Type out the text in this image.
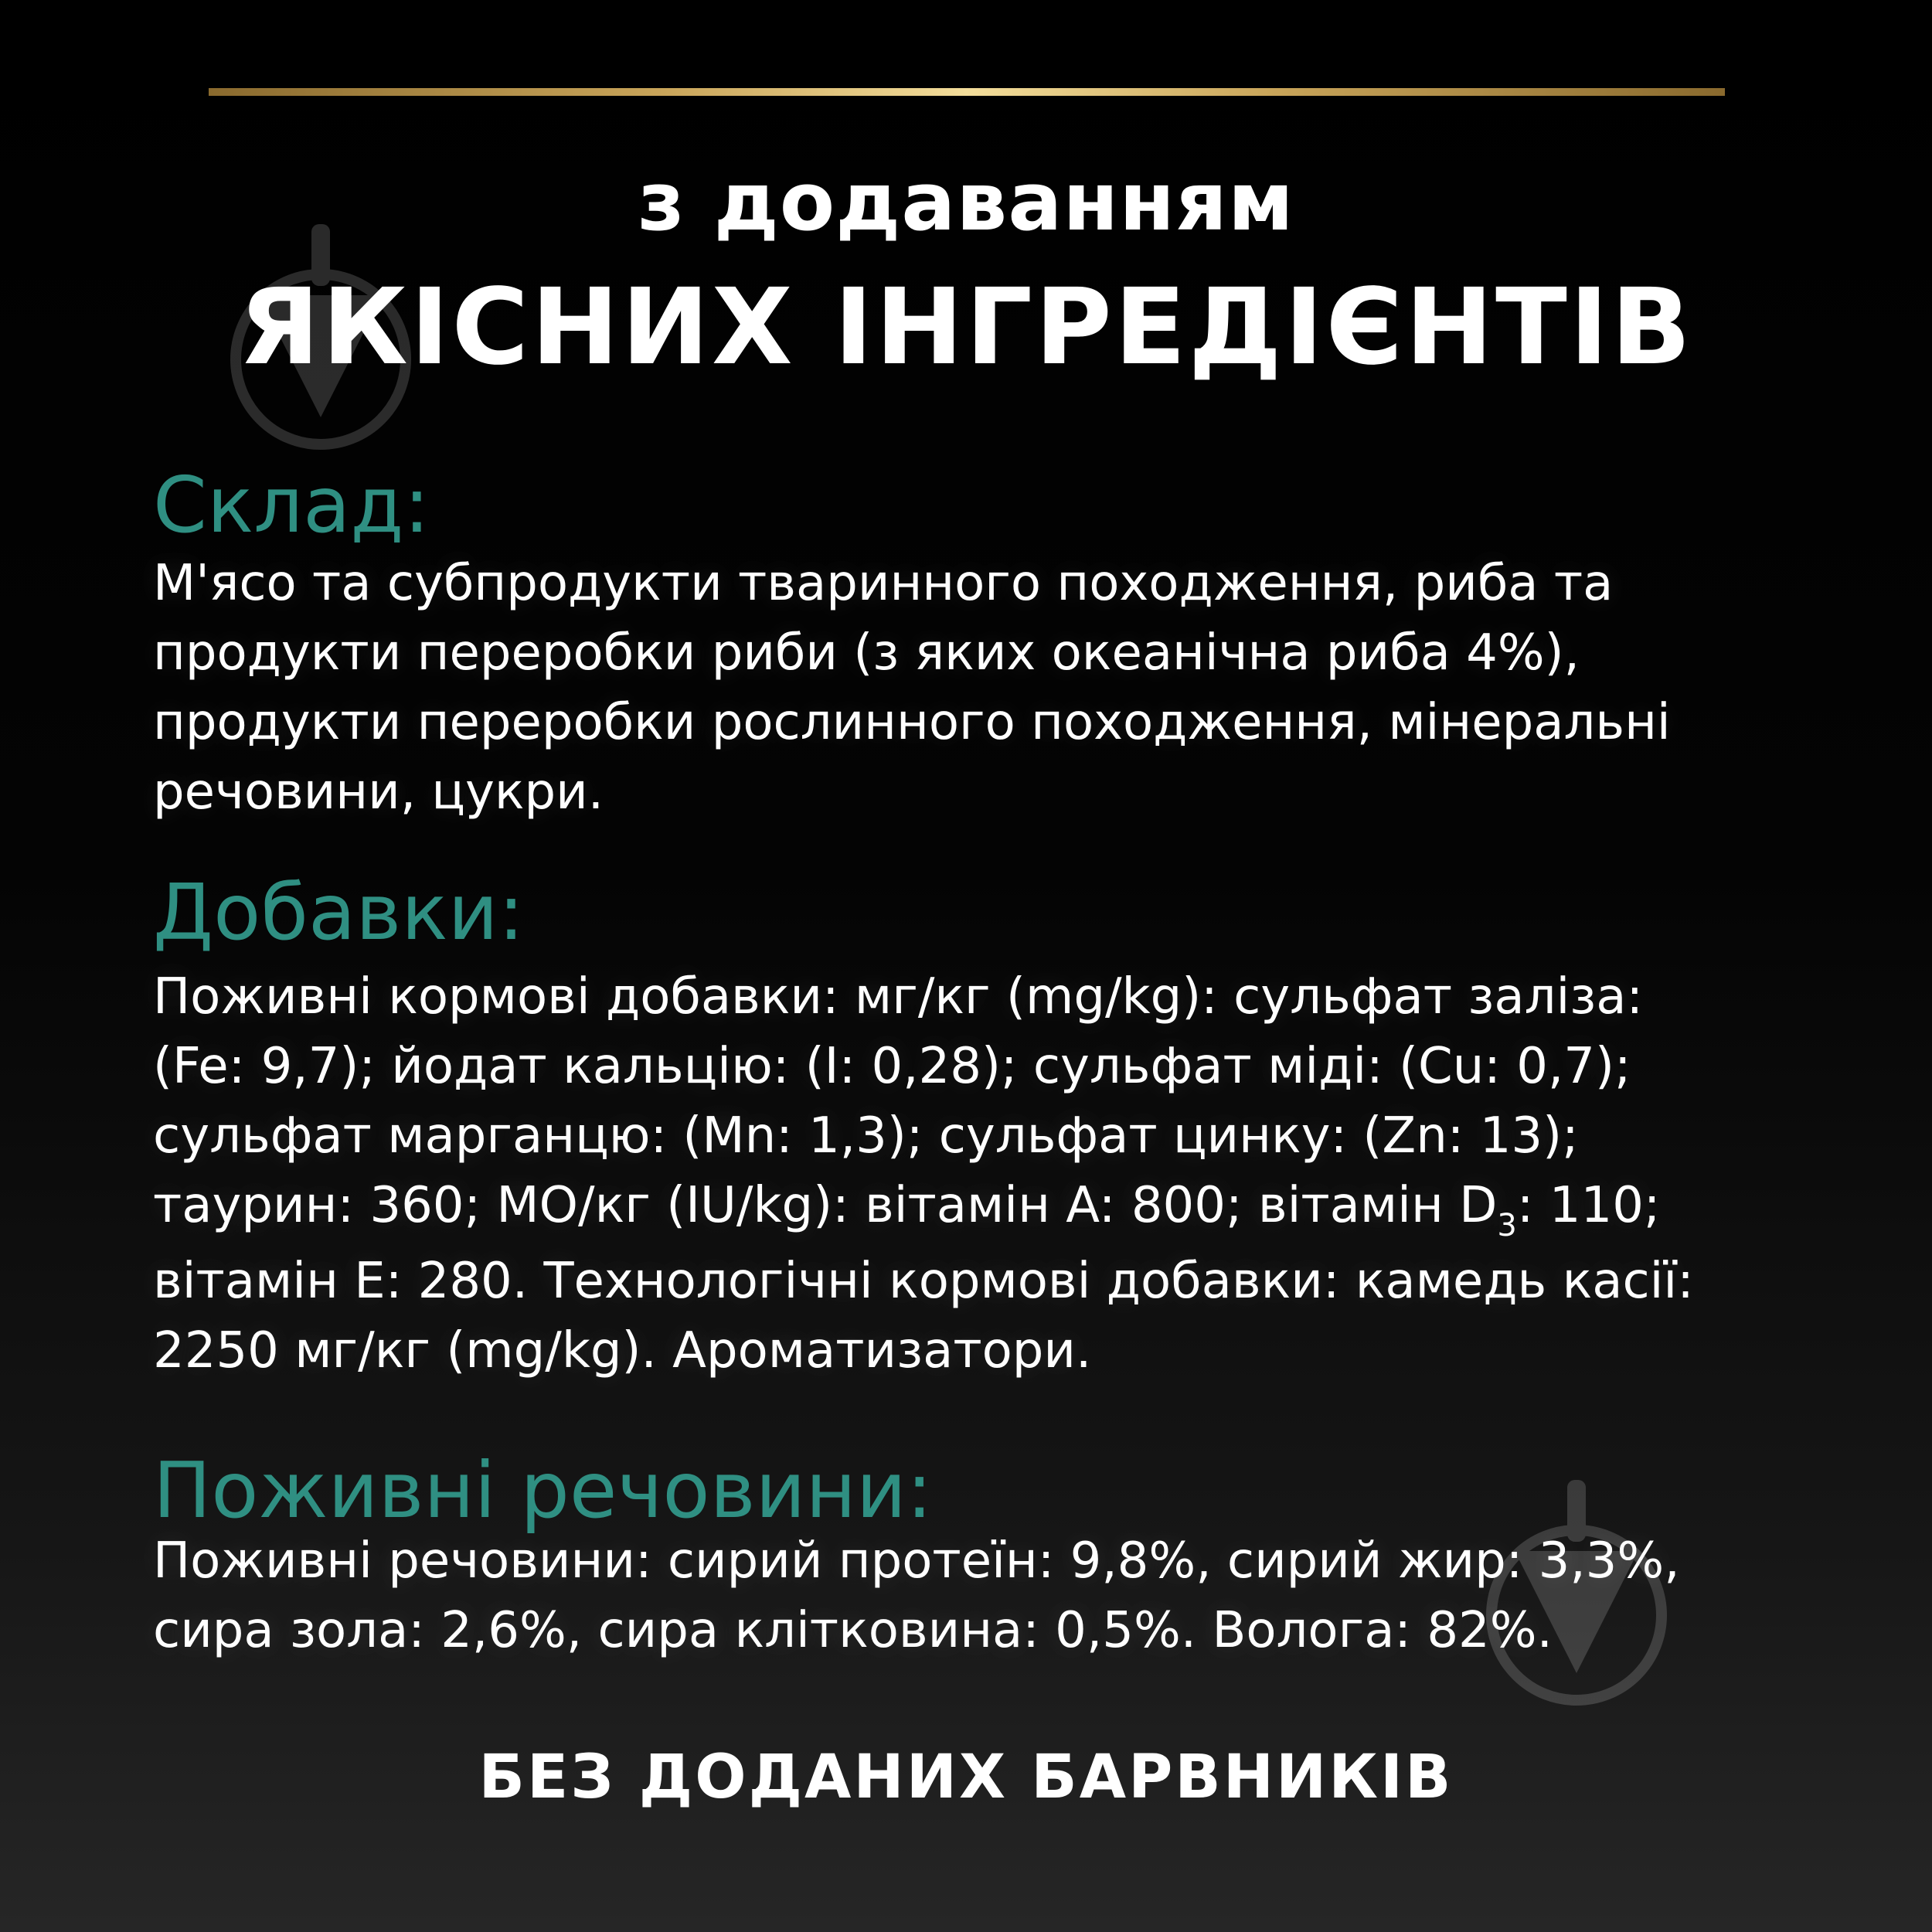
з додаванням
ЯКІСНИХ ІНГРЕДІЄНТІВ
Склад:
М'ясо та субпродукти тваринного походження, риба та
продукти переробки риби (з яких океанічна риба 4%),
продукти переробки рослинного походження, мінеральні
речовини, цукри.
Добавки:
Поживні кормові добавки: мг/кг (mg/kg): сульфат заліза:
(Fe: 9,7); йодат кальцію: (I: 0,28); сульфат міді: (Cu: 0,7);
сульфат марганцю: (Mn: 1,3); сульфат цинку: (Zn: 13);
таурин: 360; МО/кг (IU/kg): вітамін A: 800; вітамін $D_3$: 110;
вітамін Е: 280. Технологічні кормові добавки: камедь касії:
2250 мг/кг (mg/kg). Ароматизатори.
Поживні речовини:
Поживні речовини: сирий протеїн: 9,8%, сирий жир: 3,3%,
сира зола: 2,6%, сира клітковина: 0,5%. Волога: 82%.
БЕЗ ДОДАНИХ БАРВНИКІВ
